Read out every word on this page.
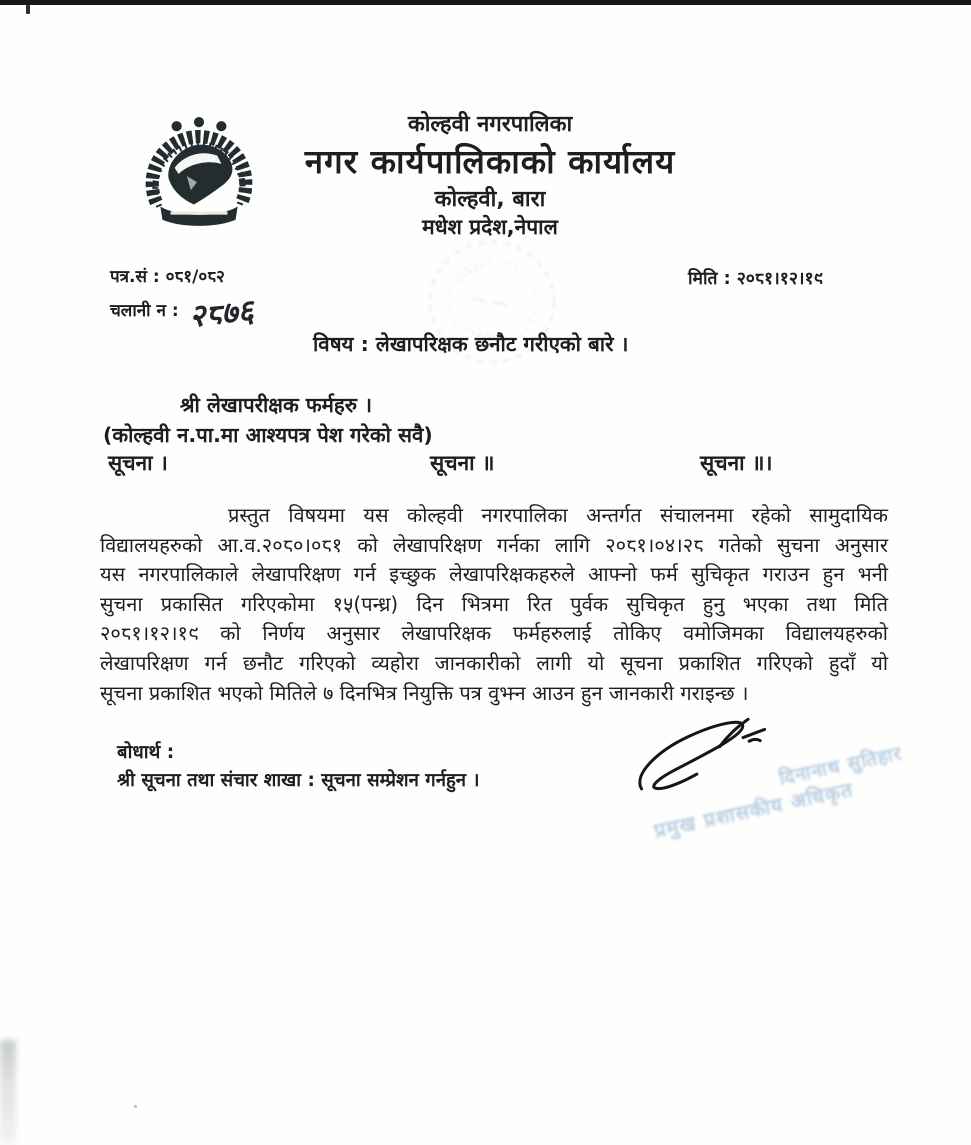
कोल्हवी नगरपालिका
नगर कार्यपालिकाको कार्यालय
कोल्हवी, बारा
मधेश प्रदेश,नेपाल
पत्र.सं : ०८१/०८२
चलानी न : २८७६
मिति : २०८१।१२।१९
विषय : लेखापरिक्षक छनौट गरीएको बारे ।
श्री लेखापरीक्षक फर्महरु ।
(कोल्हवी न.पा.मा आश्यपत्र पेश गरेको सवै)
सूचना ।	सूचना ॥	सूचना ॥।
प्रस्तुत विषयमा यस कोल्हवी नगरपालिका अन्तर्गत संचालनमा रहेको सामुदायिक
विद्यालयहरुको आ.व.२०८०।०८१ को लेखापरिक्षण गर्नका लागि २०८१।०४।२८ गतेको सुचना अनुसार
यस नगरपालिकाले लेखापरिक्षण गर्न इच्छुक लेखापरिक्षकहरुले आफ्नो फर्म सुचिकृत गराउन हुन भनी
सुचना प्रकासित गरिएकोमा १५(पन्ध्र) दिन भित्रमा रित पुर्वक सुचिकृत हुनु भएका तथा मिति
२०८१।१२।१९ को निर्णय अनुसार लेखापरिक्षक फर्महरुलाई तोकिए वमोजिमका विद्यालयहरुको
लेखापरिक्षण गर्न छनौट गरिएको व्यहोरा जानकारीको लागी यो सूचना प्रकाशित गरिएको हुदाँ यो
सूचना प्रकाशित भएको मितिले ७ दिनभित्र नियुक्ति पत्र वुझ्न आउन हुन जानकारी गराइन्छ ।
बोधार्थ :
श्री सूचना तथा संचार शाखा : सूचना सम्प्रेशन गर्नहुन ।	दिनानाथ सुतिहार
प्रमुख प्रशासकीय अधिकृत
